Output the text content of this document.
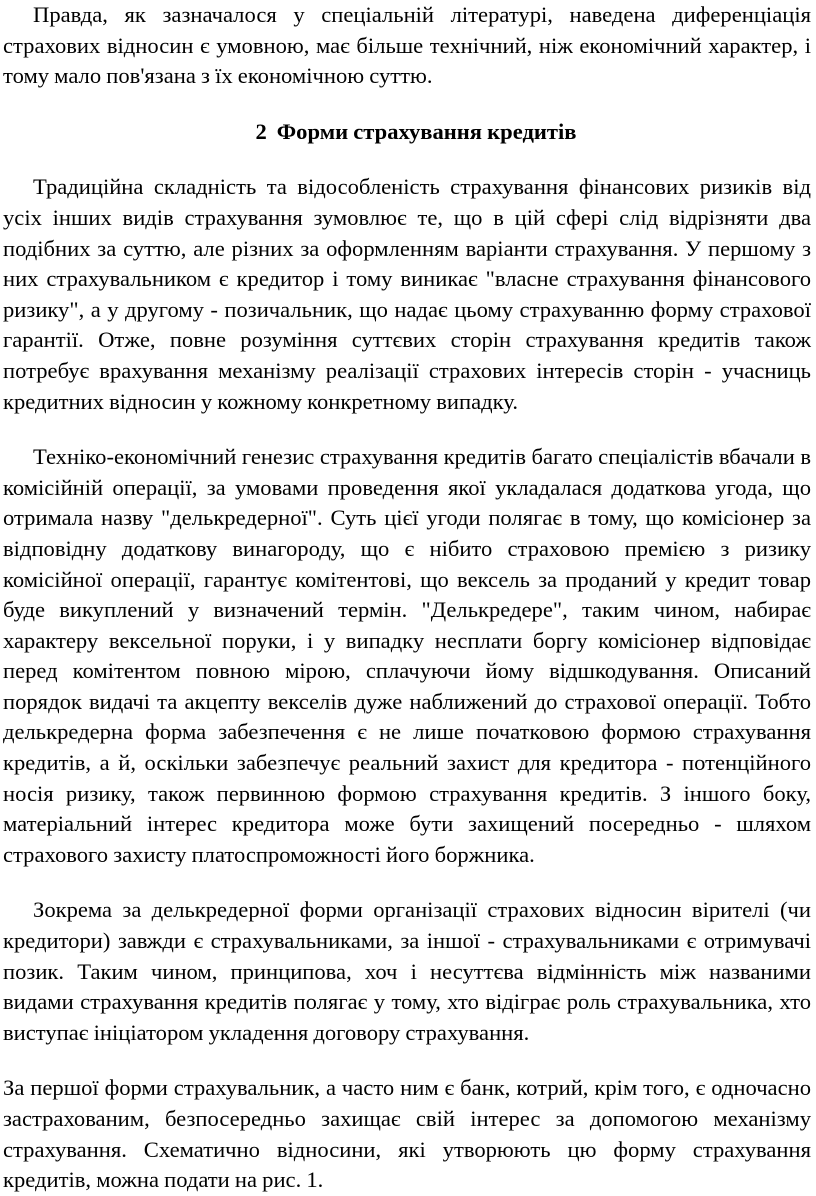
Правда, як зазначалося у спеціальній літературі, наведена диференціація страхових відносин є умовною, має більше технічний, ніж економічний характер, і тому мало пов'язана з їх економічною суттю.

2 Форми страхування кредитів

Традиційна складність та відособленість страхування фінансових ризиків від усіх інших видів страхування зумовлює те, що в цій сфері слід відрізняти два подібних за суттю, але різних за оформленням варіанти страхування. У першому з них страхувальником є кредитор і тому виникає "власне страхування фінансового ризику", а у другому - позичальник, що надає цьому страхуванню форму страхової гарантії. Отже, повне розуміння суттєвих сторін страхування кредитів також потребує врахування механізму реалізації страхових інтересів сторін - учасниць кредитних відносин у кожному конкретному випадку.

Техніко-економічний генезис страхування кредитів багато спеціалістів вбачали в комісійній операції, за умовами проведення якої укладалася додаткова угода, що отримала назву "делькредерної". Суть цієї угоди полягає в тому, що комісіонер за відповідну додаткову винагороду, що є нібито страховою премією з ризику комісійної операції, гарантує комітентові, що вексель за проданий у кредит товар буде викуплений у визначений термін. "Делькредере", таким чином, набирає характеру вексельної поруки, і у випадку несплати боргу комісіонер відповідає перед комітентом повною мірою, сплачуючи йому відшкодування. Описаний порядок видачі та акцепту векселів дуже наближений до страхової операції. Тобто делькредерна форма забезпечення є не лише початковою формою страхування кредитів, а й, оскільки забезпечує реальний захист для кредитора - потенційного носія ризику, також первинною формою страхування кредитів. З іншого боку, матеріальний інтерес кредитора може бути захищений посередньо - шляхом страхового захисту платоспроможності його боржника.

Зокрема за делькредерної форми організації страхових відносин вірителі (чи кредитори) завжди є страхувальниками, за іншої - страхувальниками є отримувачі позик. Таким чином, принципова, хоч і несуттєва відмінність між названими видами страхування кредитів полягає у тому, хто відіграє роль страхувальника, хто виступає ініціатором укладення договору страхування.

За першої форми страхувальник, а часто ним є банк, котрий, крім того, є одночасно застрахованим, безпосередньо захищає свій інтерес за допомогою механізму страхування. Схематично відносини, які утворюють цю форму страхування кредитів, можна подати на рис. 1.
